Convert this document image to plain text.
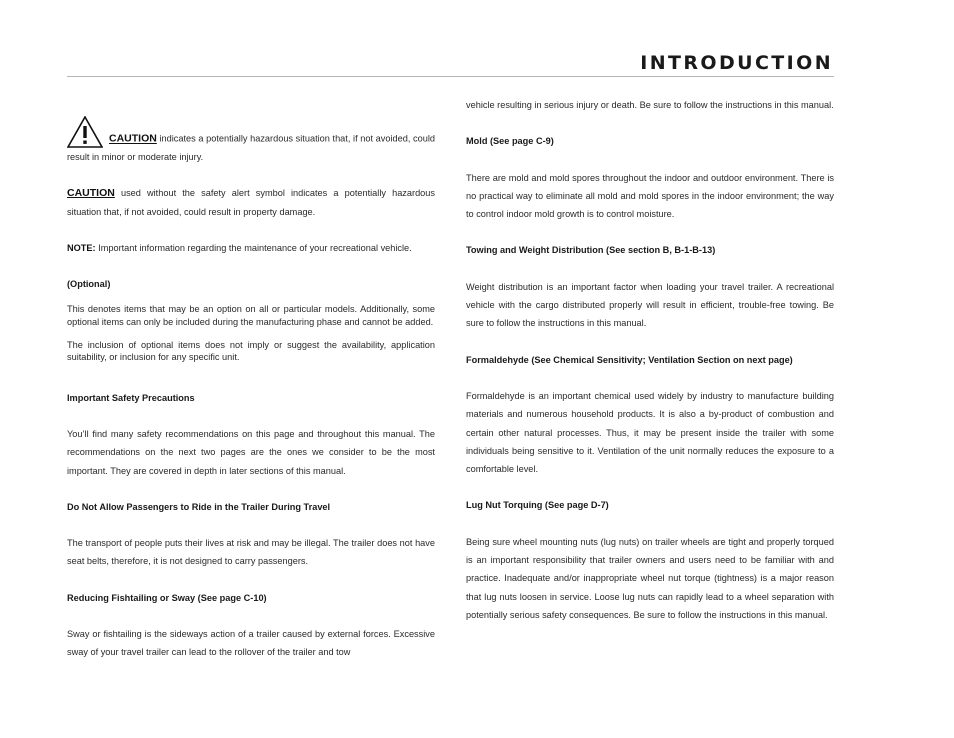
INTRODUCTION

CAUTION indicates a potentially hazardous situation that, if not avoided, could result in minor or moderate injury.

CAUTION used without the safety alert symbol indicates a potentially hazardous situation that, if not avoided, could result in property damage.

NOTE: Important information regarding the maintenance of your recreational vehicle.

(Optional)

This denotes items that may be an option on all or particular models. Additionally, some optional items can only be included during the manufacturing phase and cannot be added.

The inclusion of optional items does not imply or suggest the availability, application suitability, or inclusion for any specific unit.

Important Safety Precautions

You’ll find many safety recommendations on this page and throughout this manual. The recommendations on the next two pages are the ones we consider to be the most important. They are covered in depth in later sections of this manual.

Do Not Allow Passengers to Ride in the Trailer During Travel

The transport of people puts their lives at risk and may be illegal. The trailer does not have seat belts, therefore, it is not designed to carry passengers.

Reducing Fishtailing or Sway (See page C-10)

Sway or fishtailing is the sideways action of a trailer caused by external forces. Excessive sway of your travel trailer can lead to the rollover of the trailer and tow

vehicle resulting in serious injury or death. Be sure to follow the instructions in this manual.

Mold (See page C-9)

There are mold and mold spores throughout the indoor and outdoor environment. There is no practical way to eliminate all mold and mold spores in the indoor environment; the way to control indoor mold growth is to control moisture.

Towing and Weight Distribution (See section B, B-1-B-13)

Weight distribution is an important factor when loading your travel trailer. A recreational vehicle with the cargo distributed properly will result in efficient, trouble-free towing. Be sure to follow the instructions in this manual.

Formaldehyde (See Chemical Sensitivity; Ventilation Section on next page)

Formaldehyde is an important chemical used widely by industry to manufacture building materials and numerous household products. It is also a by-product of combustion and certain other natural processes. Thus, it may be present inside the trailer with some individuals being sensitive to it. Ventilation of the unit normally reduces the exposure to a comfortable level.

Lug Nut Torquing (See page D-7)

Being sure wheel mounting nuts (lug nuts) on trailer wheels are tight and properly torqued is an important responsibility that trailer owners and users need to be familiar with and practice. Inadequate and/or inappropriate wheel nut torque (tightness) is a major reason that lug nuts loosen in service. Loose lug nuts can rapidly lead to a wheel separation with potentially serious safety consequences. Be sure to follow the instructions in this manual.
